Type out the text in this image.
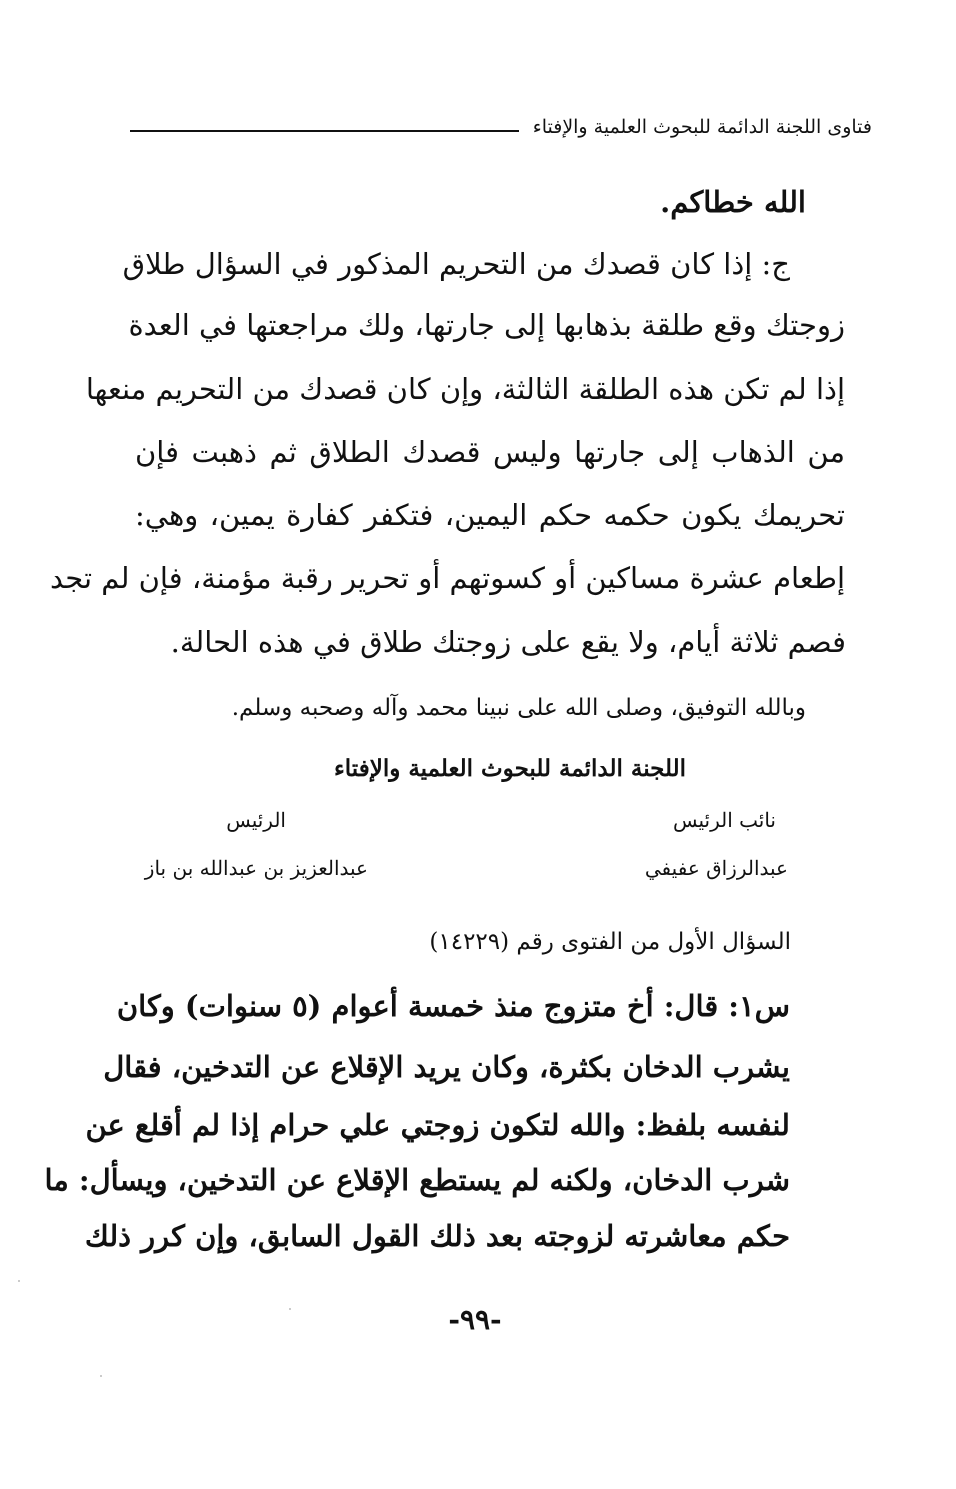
فتاوى اللجنة الدائمة للبحوث العلمية والإفتاء
الله خطاكم.
ج: إذا كان قصدك من التحريم المذكور في السؤال طلاق
زوجتك وقع طلقة بذهابها إلى جارتها، ولك مراجعتها في العدة
إذا لم تكن هذه الطلقة الثالثة، وإن كان قصدك من التحريم منعها
من الذهاب إلى جارتها وليس قصدك الطلاق ثم ذهبت فإن
تحريمك يكون حكمه حكم اليمين، فتكفر كفارة يمين، وهي:
إطعام عشرة مساكين أو كسوتهم أو تحرير رقبة مؤمنة، فإن لم تجد
فصم ثلاثة أيام، ولا يقع على زوجتك طلاق في هذه الحالة.
وبالله التوفيق، وصلى الله على نبينا محمد وآله وصحبه وسلم.
اللجنة الدائمة للبحوث العلمية والإفتاء
نائب الرئيس
الرئيس
عبدالرزاق عفيفي
عبدالعزيز بن عبدالله بن باز
السؤال الأول من الفتوى رقم (١٤٢٢٩)
س١: قال: أخ متزوج منذ خمسة أعوام (٥ سنوات) وكان
يشرب الدخان بكثرة، وكان يريد الإقلاع عن التدخين، فقال
لنفسه بلفظ: والله لتكون زوجتي علي حرام إذا لم أقلع عن
شرب الدخان، ولكنه لم يستطع الإقلاع عن التدخين، ويسأل: ما
حكم معاشرته لزوجته بعد ذلك القول السابق، وإن كرر ذلك
-٩٩-
